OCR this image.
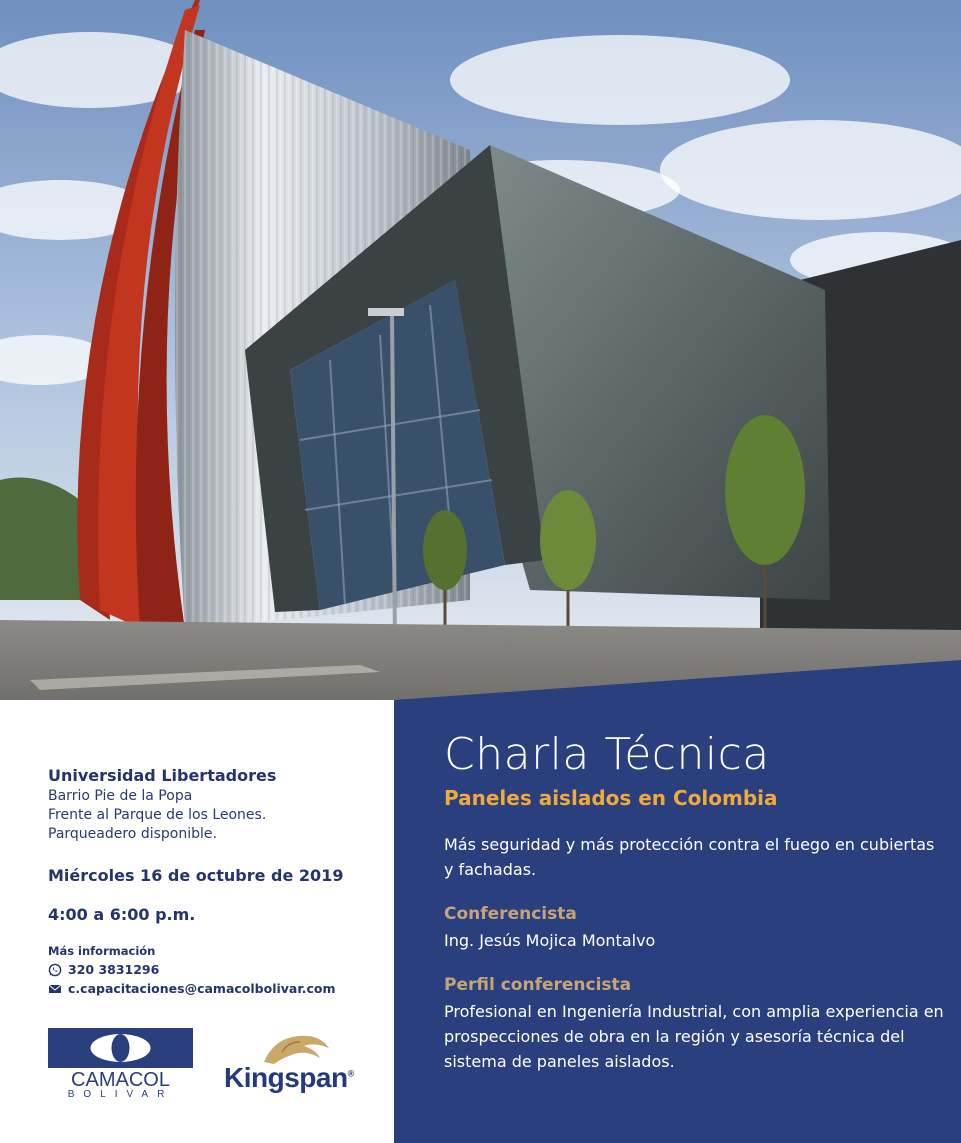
Charla Técnica
Paneles aislados en Colombia
Más seguridad y más protección contra el fuego en cubiertas y fachadas.
Conferencista
Ing. Jesús Mojica Montalvo
Perfil conferencista
Profesional en Ingeniería Industrial, con amplia experiencia en prospecciones de obra en la región y asesoría técnica del sistema de paneles aislados.
Universidad Libertadores
Barrio Pie de la Popa
Frente al Parque de los Leones.
Parqueadero disponible.
Miércoles 16 de octubre de 2019
4:00 a 6:00 p.m.
Más información
320 3831296
c.capacitaciones@camacolbolivar.com
CAMACOL
BOLIVAR
Kingspan®
